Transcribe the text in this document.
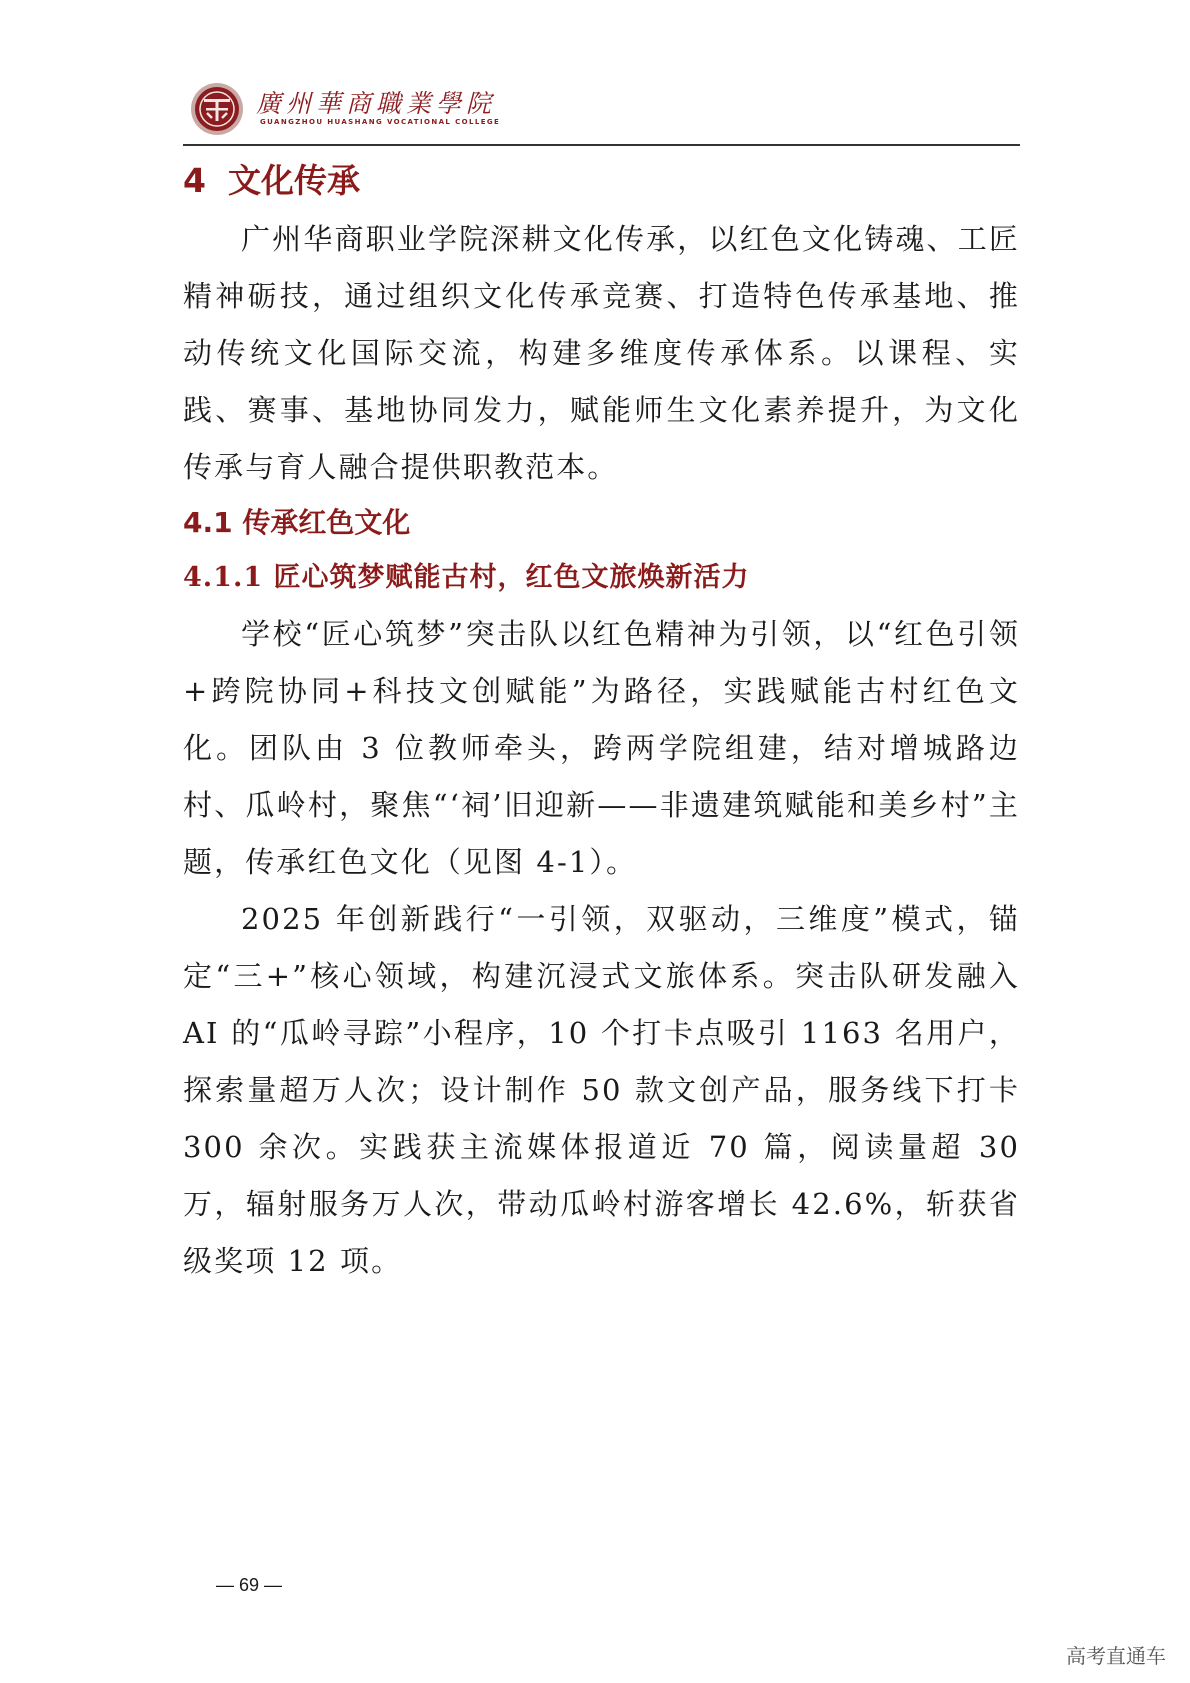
廣州華商職業學院
GUANGZHOU HUASHANG VOCATIONAL COLLEGE
4 文化传承

广州华商职业学院深耕文化传承，以红色文化铸魂、工匠精神砺技，通过组织文化传承竞赛、打造特色传承基地、推动传统文化国际交流，构建多维度传承体系。以课程、实践、赛事、基地协同发力，赋能师生文化素养提升，为文化传承与育人融合提供职教范本。

4.1 传承红色文化
4.1.1 匠心筑梦赋能古村，红色文旅焕新活力

学校“匠心筑梦”突击队以红色精神为引领，以“红色引领+跨院协同+科技文创赋能”为路径，实践赋能古村红色文化。团队由 3 位教师牵头，跨两学院组建，结对增城路边村、瓜岭村，聚焦“‘祠’旧迎新——非遗建筑赋能和美乡村”主题，传承红色文化（见图 4-1）。

2025 年创新践行“一引领，双驱动，三维度”模式，锚定“三+”核心领域，构建沉浸式文旅体系。突击队研发融入 AI 的“瓜岭寻踪”小程序，10 个打卡点吸引 1163 名用户，探索量超万人次；设计制作 50 款文创产品，服务线下打卡 300 余次。实践获主流媒体报道近 70 篇，阅读量超 30 万，辐射服务万人次，带动瓜岭村游客增长 42.6%，斩获省级奖项 12 项。

— 69 —
高考直通车
